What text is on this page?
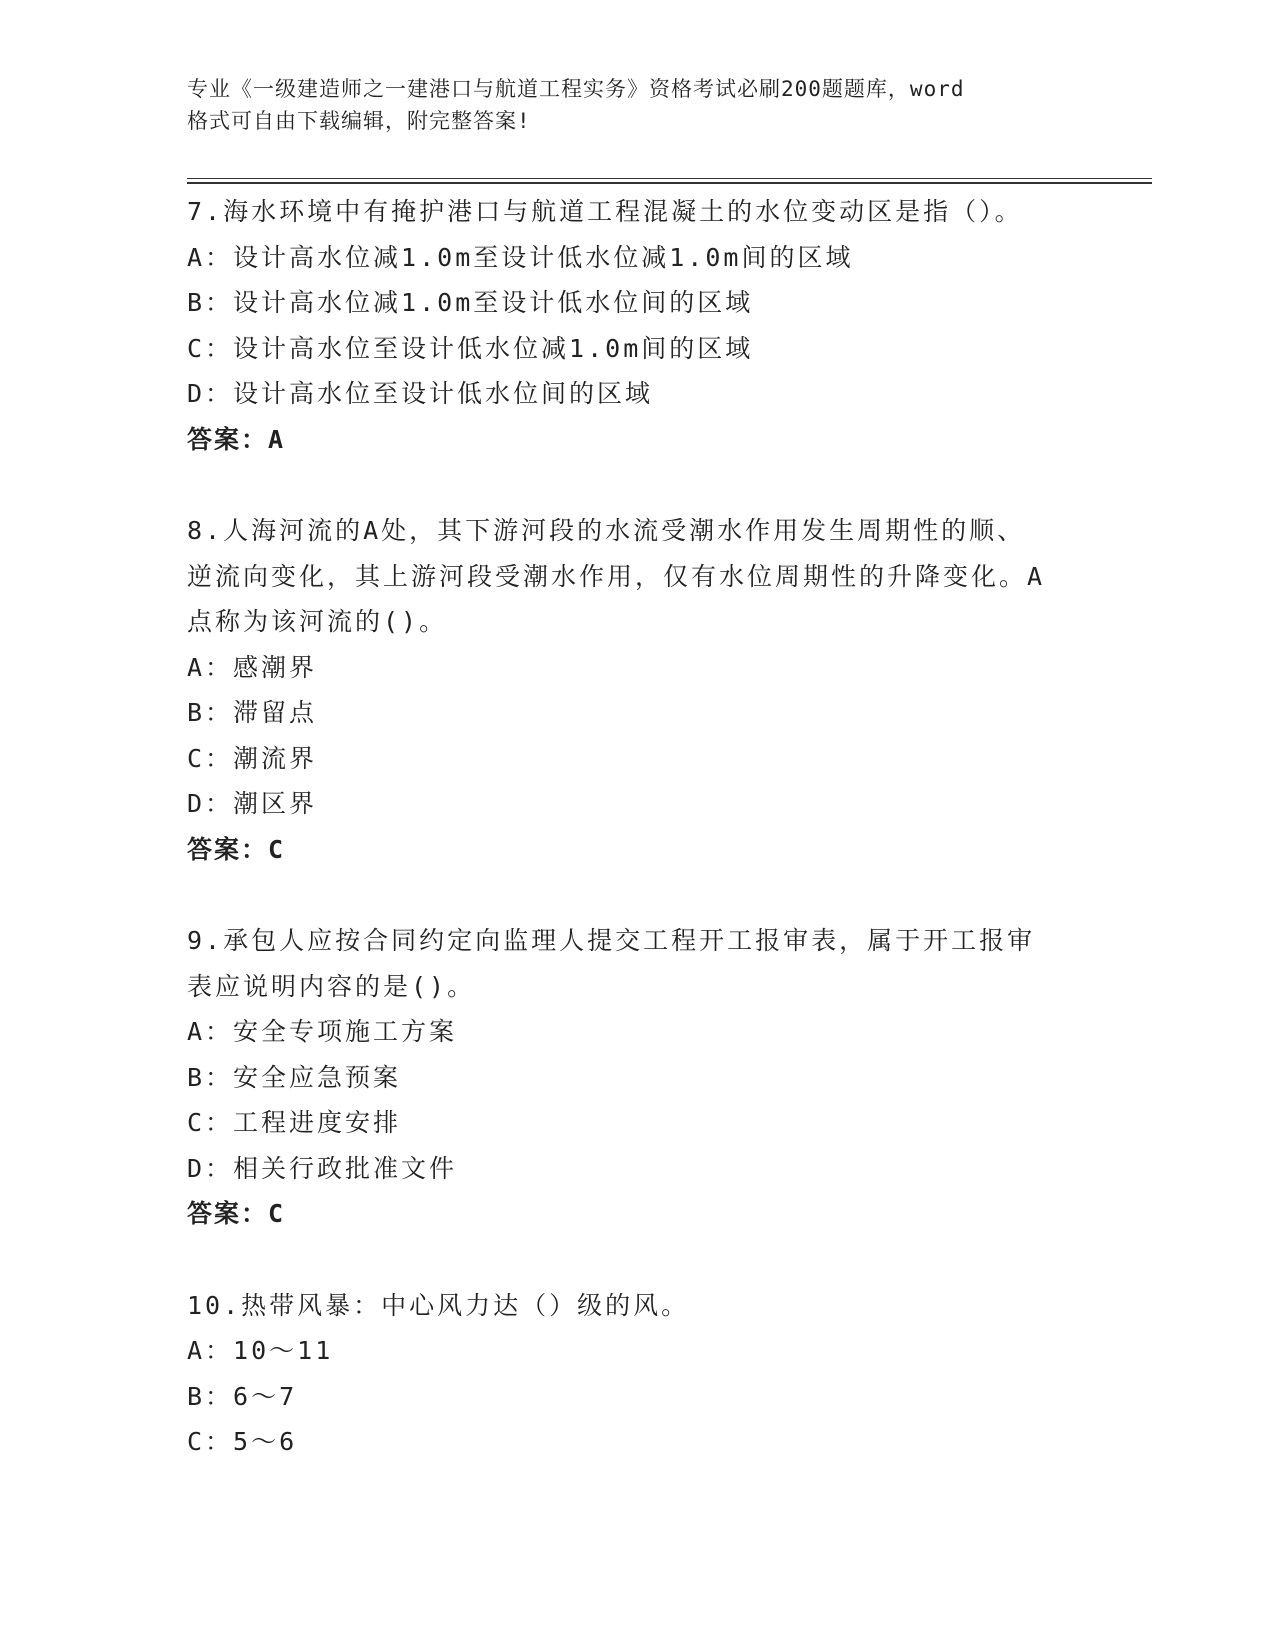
专业《一级建造师之一建港口与航道工程实务》资格考试必刷200题题库，word
格式可自由下载编辑，附完整答案!
7.海水环境中有掩护港口与航道工程混凝土的水位变动区是指（）。
A：设计高水位减1.0m至设计低水位减1.0m间的区域
B：设计高水位减1.0m至设计低水位间的区域
C：设计高水位至设计低水位减1.0m间的区域
D：设计高水位至设计低水位间的区域
答案：A
8.人海河流的A处，其下游河段的水流受潮水作用发生周期性的顺、
逆流向变化，其上游河段受潮水作用，仅有水位周期性的升降变化。A
点称为该河流的()。
A：感潮界
B：滞留点
C：潮流界
D：潮区界
答案：C
9.承包人应按合同约定向监理人提交工程开工报审表，属于开工报审
表应说明内容的是()。
A：安全专项施工方案
B：安全应急预案
C：工程进度安排
D：相关行政批准文件
答案：C
10.热带风暴：中心风力达（）级的风。
A：10～11
B：6～7
C：5～6
